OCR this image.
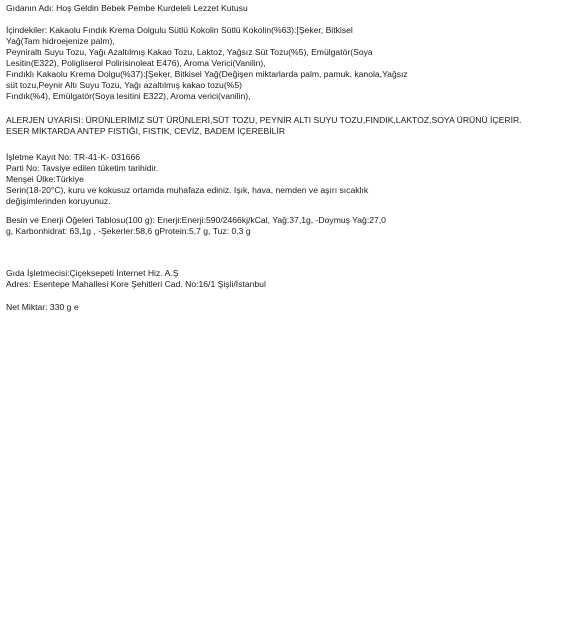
Gıdanın Adı: Hoş Geldin Bebek Pembe Kurdeleli Lezzet Kutusu
İçindekiler: Kakaolu Fındık Krema Dolgulu Sütlü Kokolin Sütlü Kokolin(%63):[Şeker, Bitkisel
Yağ(Tam hidroejenize palm),
Peyniraltı Suyu Tozu, Yağı Azaltılmış Kakao Tozu, Laktoz, Yağsız Süt Tozu(%5), Emülgatör(Soya
Lesitin(E322), Poligliserol Polirisinoleat E476), Aroma Verici(Vanilin),
Fındıklı Kakaolu Krema Dolgu(%37):[Şeker, Bitkisel Yağ(Değişen miktarlarda palm, pamuk, kanola,Yağsız
süt tozu,Peynir Altı Suyu Tozu, Yağı azaltılmış kakao tozu(%5)
Fındık(%4), Emülgatör(Soya lesitini E322), Aroma verici(vanilin),
ALERJEN UYARISI: ÜRÜNLERİMİZ SÜT ÜRÜNLERİ,SÜT TOZU, PEYNİR ALTI SUYU TOZU,FINDIK,LAKTOZ,SOYA ÜRÜNÜ İÇERİR.
ESER MİKTARDA ANTEP FISTIĞI, FISTIK, CEVİZ, BADEM İÇEREBİLİR
İşletme Kayıt No: TR-41-K- 031666
Parti No: Tavsiye edilen tüketim tarihidir.
Menşei Ülke:Türkiye
Serin(18-20°C), kuru ve kokusuz ortamda muhafaza ediniz. Işık, hava, nemden ve aşırı sıcaklık
değişimlerinden koruyunuz.
Besin ve Enerji Öğeleri Tablosu(100 g): Enerji:Enerji:590/2466kj/kCal, Yağ:37,1g, -Doymuş Yağ:27,0
g, Karbonhidrat: 63,1g , -Şekerler:58,6 gProtein:5,7 g, Tuz: 0,3 g
Gıda İşletmecisi:Çiçeksepeti İnternet Hiz. A.Ş
Adres: Esentepe Mahallesi Kore Şehitleri Cad. No:16/1 Şişli/İstanbul
Net Miktar: 330 g e
